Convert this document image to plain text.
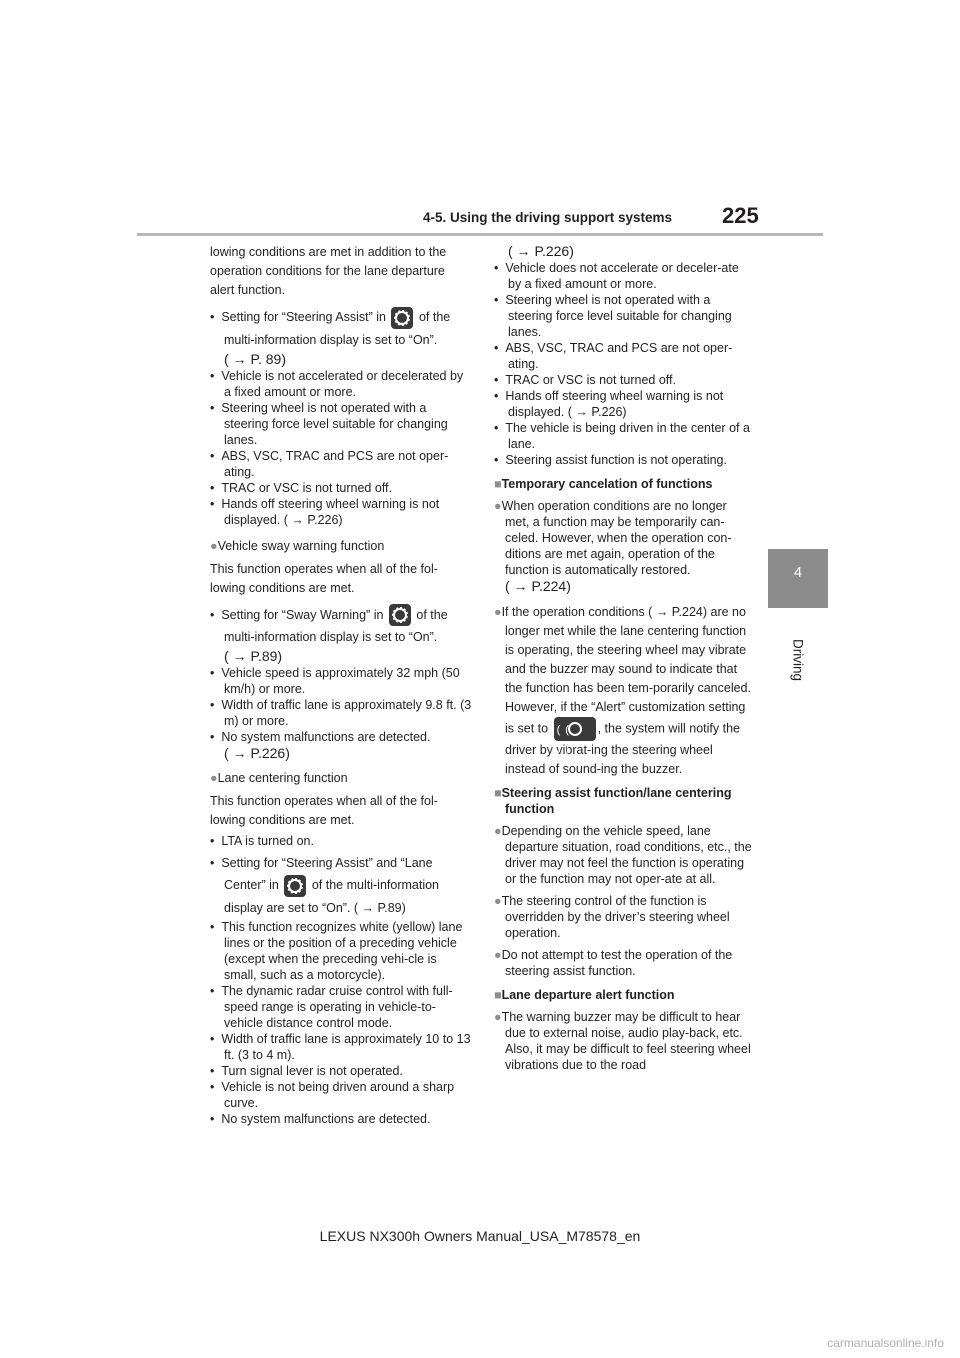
4-5. Using the driving support systems 225
4
Driving

lowing conditions are met in addition to the operation conditions for the lane departure alert function.

•  Setting for “Steering Assist” in	of the multi-information display is set to “On”.

( → P. 89)

•  Vehicle is not accelerated or decelerated by a fixed amount or more.

•  Steering wheel is not operated with a steering force level suitable for changing lanes.

•  ABS, VSC, TRAC and PCS are not oper-ating.

•  TRAC or VSC is not turned off.

•  Hands off steering wheel warning is not displayed. ( → P.226)

●Vehicle sway warning function

This function operates when all of the fol-lowing conditions are met.

•  Setting for “Sway Warning” in	of the multi-information display is set to “On”.

( → P.89)

•  Vehicle speed is approximately 32 mph (50 km/h) or more.

•  Width of traffic lane is approximately 9.8 ft. (3 m) or more.

•  No system malfunctions are detected.

( → P.226)

●Lane centering function

This function operates when all of the fol-lowing conditions are met.

•  LTA is turned on.

•  Setting for “Steering Assist” and “Lane Center” in	of the multi-information display are set to “On”. ( → P.89)

•  This function recognizes white (yellow) lane lines or the position of a preceding vehicle (except when the preceding vehi-cle is small, such as a motorcycle).

•  The dynamic radar cruise control with full-speed range is operating in vehicle-to-vehicle distance control mode.

•  Width of traffic lane is approximately 10 to 13 ft. (3 to 4 m).

•  Turn signal lever is not operated.

•  Vehicle is not being driven around a sharp curve.

•  No system malfunctions are detected.

( → P.226)

•  Vehicle does not accelerate or deceler-ate by a fixed amount or more.

•  Steering wheel is not operated with a steering force level suitable for changing lanes.

•  ABS, VSC, TRAC and PCS are not oper-ating.

•  TRAC or VSC is not turned off.

•  Hands off steering wheel warning is not displayed. ( → P.226)

•  The vehicle is being driven in the center of a lane.

•  Steering assist function is not operating.

■Temporary cancelation of functions

●When operation conditions are no longer met, a function may be temporarily can-celed. However, when the operation con-ditions are met again, operation of the function is automatically restored.

( → P.224)

●If the operation conditions ( → P.224) are no longer met while the lane centering function is operating, the steering wheel may vibrate and the buzzer may sound to indicate that the function has been tem-porarily canceled. However, if the “Alert” customization setting is set to (( ))	, the system will notify the driver by vibrat-ing the steering wheel instead of sound-ing the buzzer.

■Steering assist function/lane centering function

●Depending on the vehicle speed, lane departure situation, road conditions, etc., the driver may not feel the function is operating or the function may not oper-ate at all.

●The steering control of the function is overridden by the driver’s steering wheel operation.

●Do not attempt to test the operation of the steering assist function.

■Lane departure alert function

●The warning buzzer may be difficult to hear due to external noise, audio play-back, etc. Also, it may be difficult to feel steering wheel vibrations due to the road

LEXUS NX300h Owners Manual_USA_M78578_en
carmanualsonline.info
